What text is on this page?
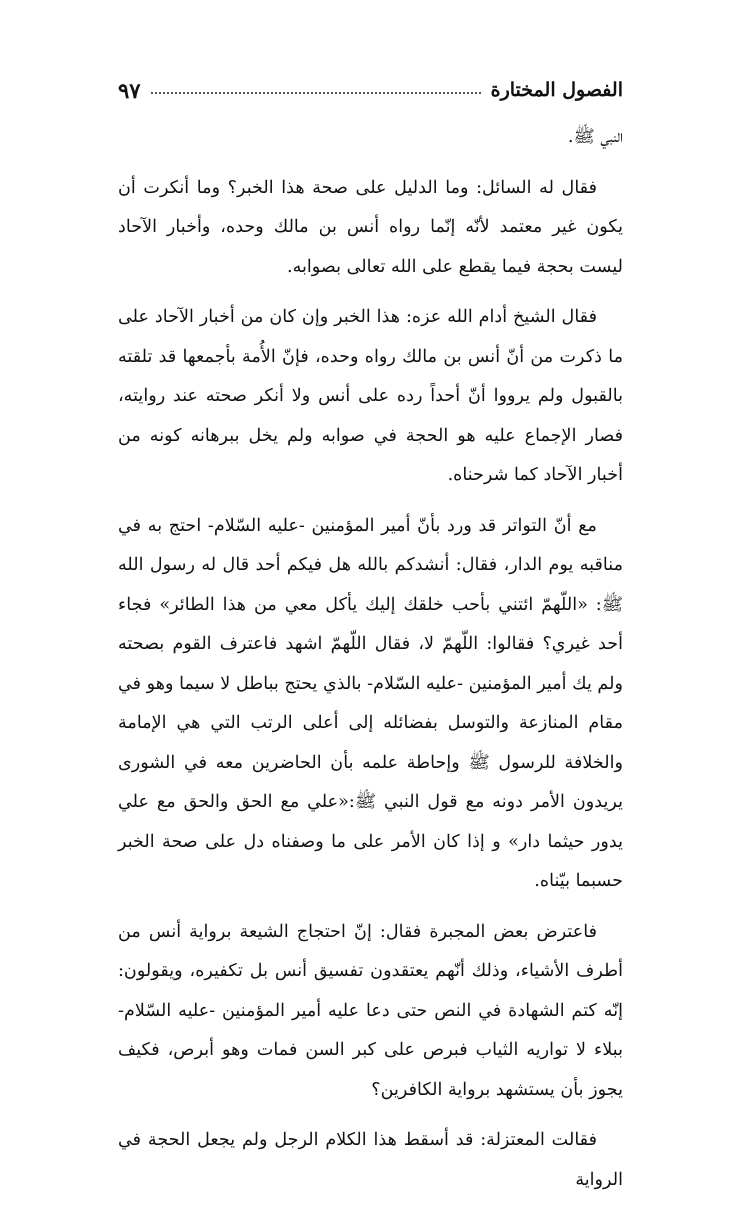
الفصول المختارة
٩٧

النبي ﷺ.

فقال له السائل: وما الدليل على صحة هذا الخبر؟ وما أنكرت أن يكون غير معتمد لأنّه إنّما رواه أنس بن مالك وحده، وأخبار الآحاد ليست بحجة فيما يقطع على الله تعالى بصوابه.

فقال الشيخ أدام الله عزه: هذا الخبر وإن كان من أخبار الآحاد على ما ذكرت من أنّ أنس بن مالك رواه وحده، فإنّ الأُمة بأجمعها قد تلقته بالقبول ولم يرووا أنّ أحداً رده على أنس ولا أنكر صحته عند روايته، فصار الإجماع عليه هو الحجة في صوابه ولم يخل ببرهانه كونه من أخبار الآحاد كما شرحناه.

مع أنّ التواتر قد ورد بأنّ أمير المؤمنين -عليه السّلام- احتج به في مناقبه يوم الدار، فقال: أنشدكم بالله هل فيكم أحد قال له رسول الله ﷺ: «اللّهمّ ائتني بأحب خلقك إليك يأكل معي من هذا الطائر» فجاء أحد غيري؟ فقالوا: اللّهمّ لا، فقال اللّهمّ اشهد فاعترف القوم بصحته ولم يك أمير المؤمنين -عليه السّلام- بالذي يحتج بباطل لا سيما وهو في مقام المنازعة والتوسل بفضائله إلى أعلى الرتب التي هي الإمامة والخلافة للرسول ﷺ وإحاطة علمه بأن الحاضرين معه في الشورى يريدون الأمر دونه مع قول النبي ﷺ:«علي مع الحق والحق مع علي يدور حيثما دار» و إذا كان الأمر على ما وصفناه دل على صحة الخبر حسبما بيّناه.

فاعترض بعض المجبرة فقال: إنّ احتجاج الشيعة برواية أنس من أطرف الأشياء، وذلك أنّهم يعتقدون تفسيق أنس بل تكفيره، ويقولون: إنّه كتم الشهادة في النص حتى دعا عليه أمير المؤمنين -عليه السّلام- ببلاء لا تواريه الثياب فبرص على كبر السن فمات وهو أبرص، فكيف يجوز بأن يستشهد برواية الكافرين؟

فقالت المعتزلة: قد أسقط هذا الكلام الرجل ولم يجعل الحجة في الرواية
